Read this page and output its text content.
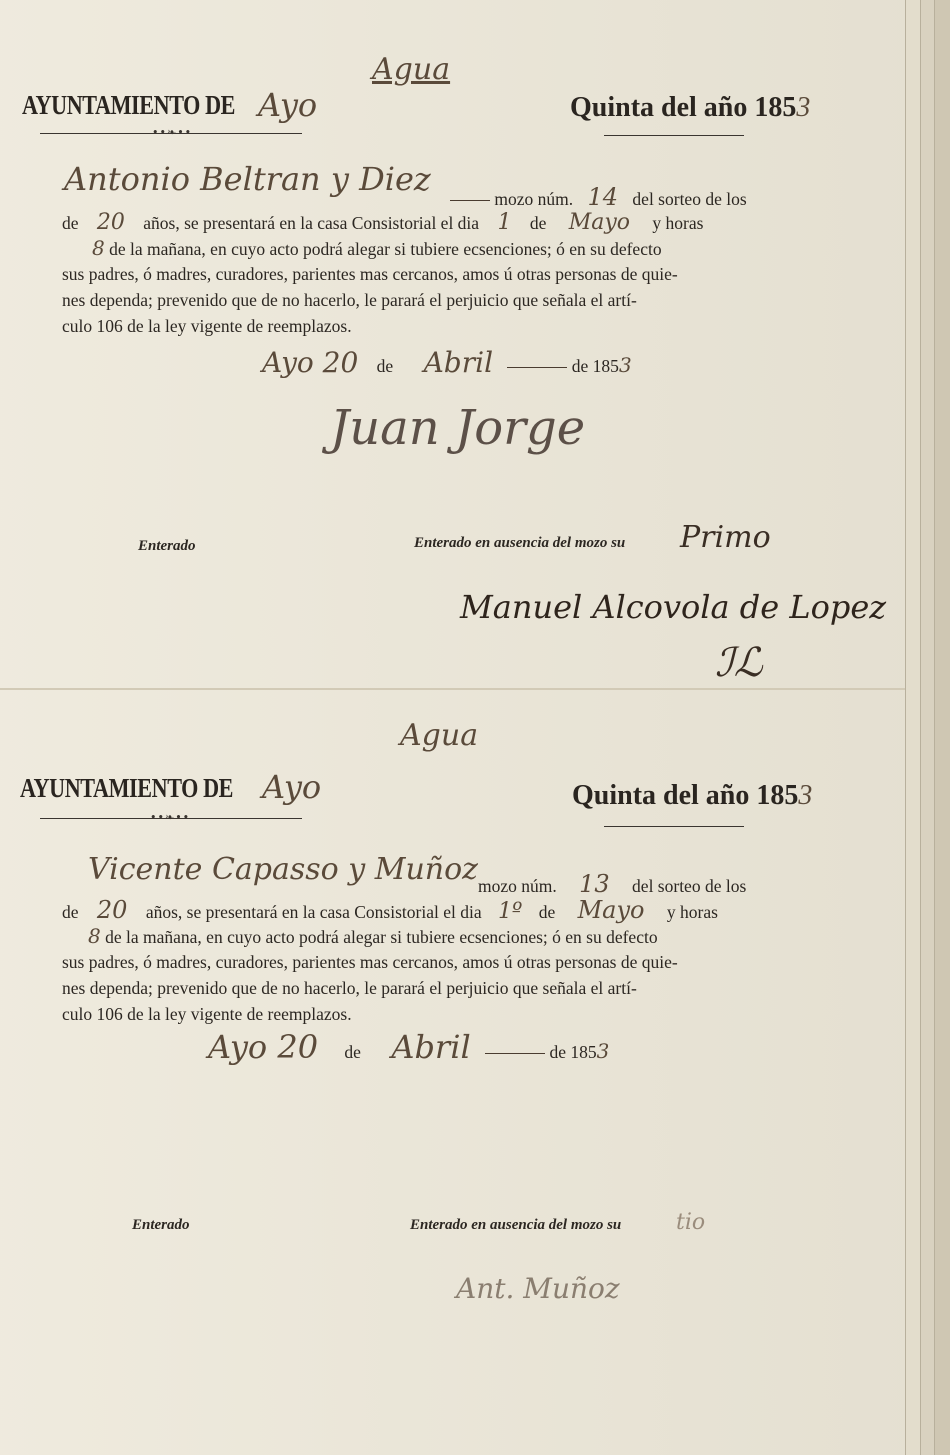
Agua
AYUNTAMIENTO DE Ayo
••❧••
Quinta del año 1853
Antonio Beltran y Diez
mozo núm. 14 del sorteo de los
de 20 años, se presentará en la casa Consistorial el dia 1 de Mayo y horas
8 de la mañana, en cuyo acto podrá alegar si tubiere ecsenciones; ó en su defecto
sus padres, ó madres, curadores, parientes mas cercanos, amos ú otras personas de quie-
nes dependa; prevenido que de no hacerlo, le parará el perjuicio que señala el artí-
culo 106 de la ley vigente de reemplazos.
Ayo 20 de Abril	de 1853
Juan Jorge
Enterado	Enterado en ausencia del mozo su Primo
Manuel Alcovola de Lopez
ℐℒ
Agua
AYUNTAMIENTO DE Ayo
••❧••
Quinta del año 1853
Vicente Capasso y Muñoz mozo núm. 13 del sorteo de los
de 20 años, se presentará en la casa Consistorial el dia 1º de Mayo y horas
8 de la mañana, en cuyo acto podrá alegar si tubiere ecsenciones; ó en su defecto
sus padres, ó madres, curadores, parientes mas cercanos, amos ú otras personas de quie-
nes dependa; prevenido que de no hacerlo, le parará el perjuicio que señala el artí-
culo 106 de la ley vigente de reemplazos.
Ayo 20 de Abril	de 1853
Enterado	Enterado en ausencia del mozo su tio
Ant. Muñoz
